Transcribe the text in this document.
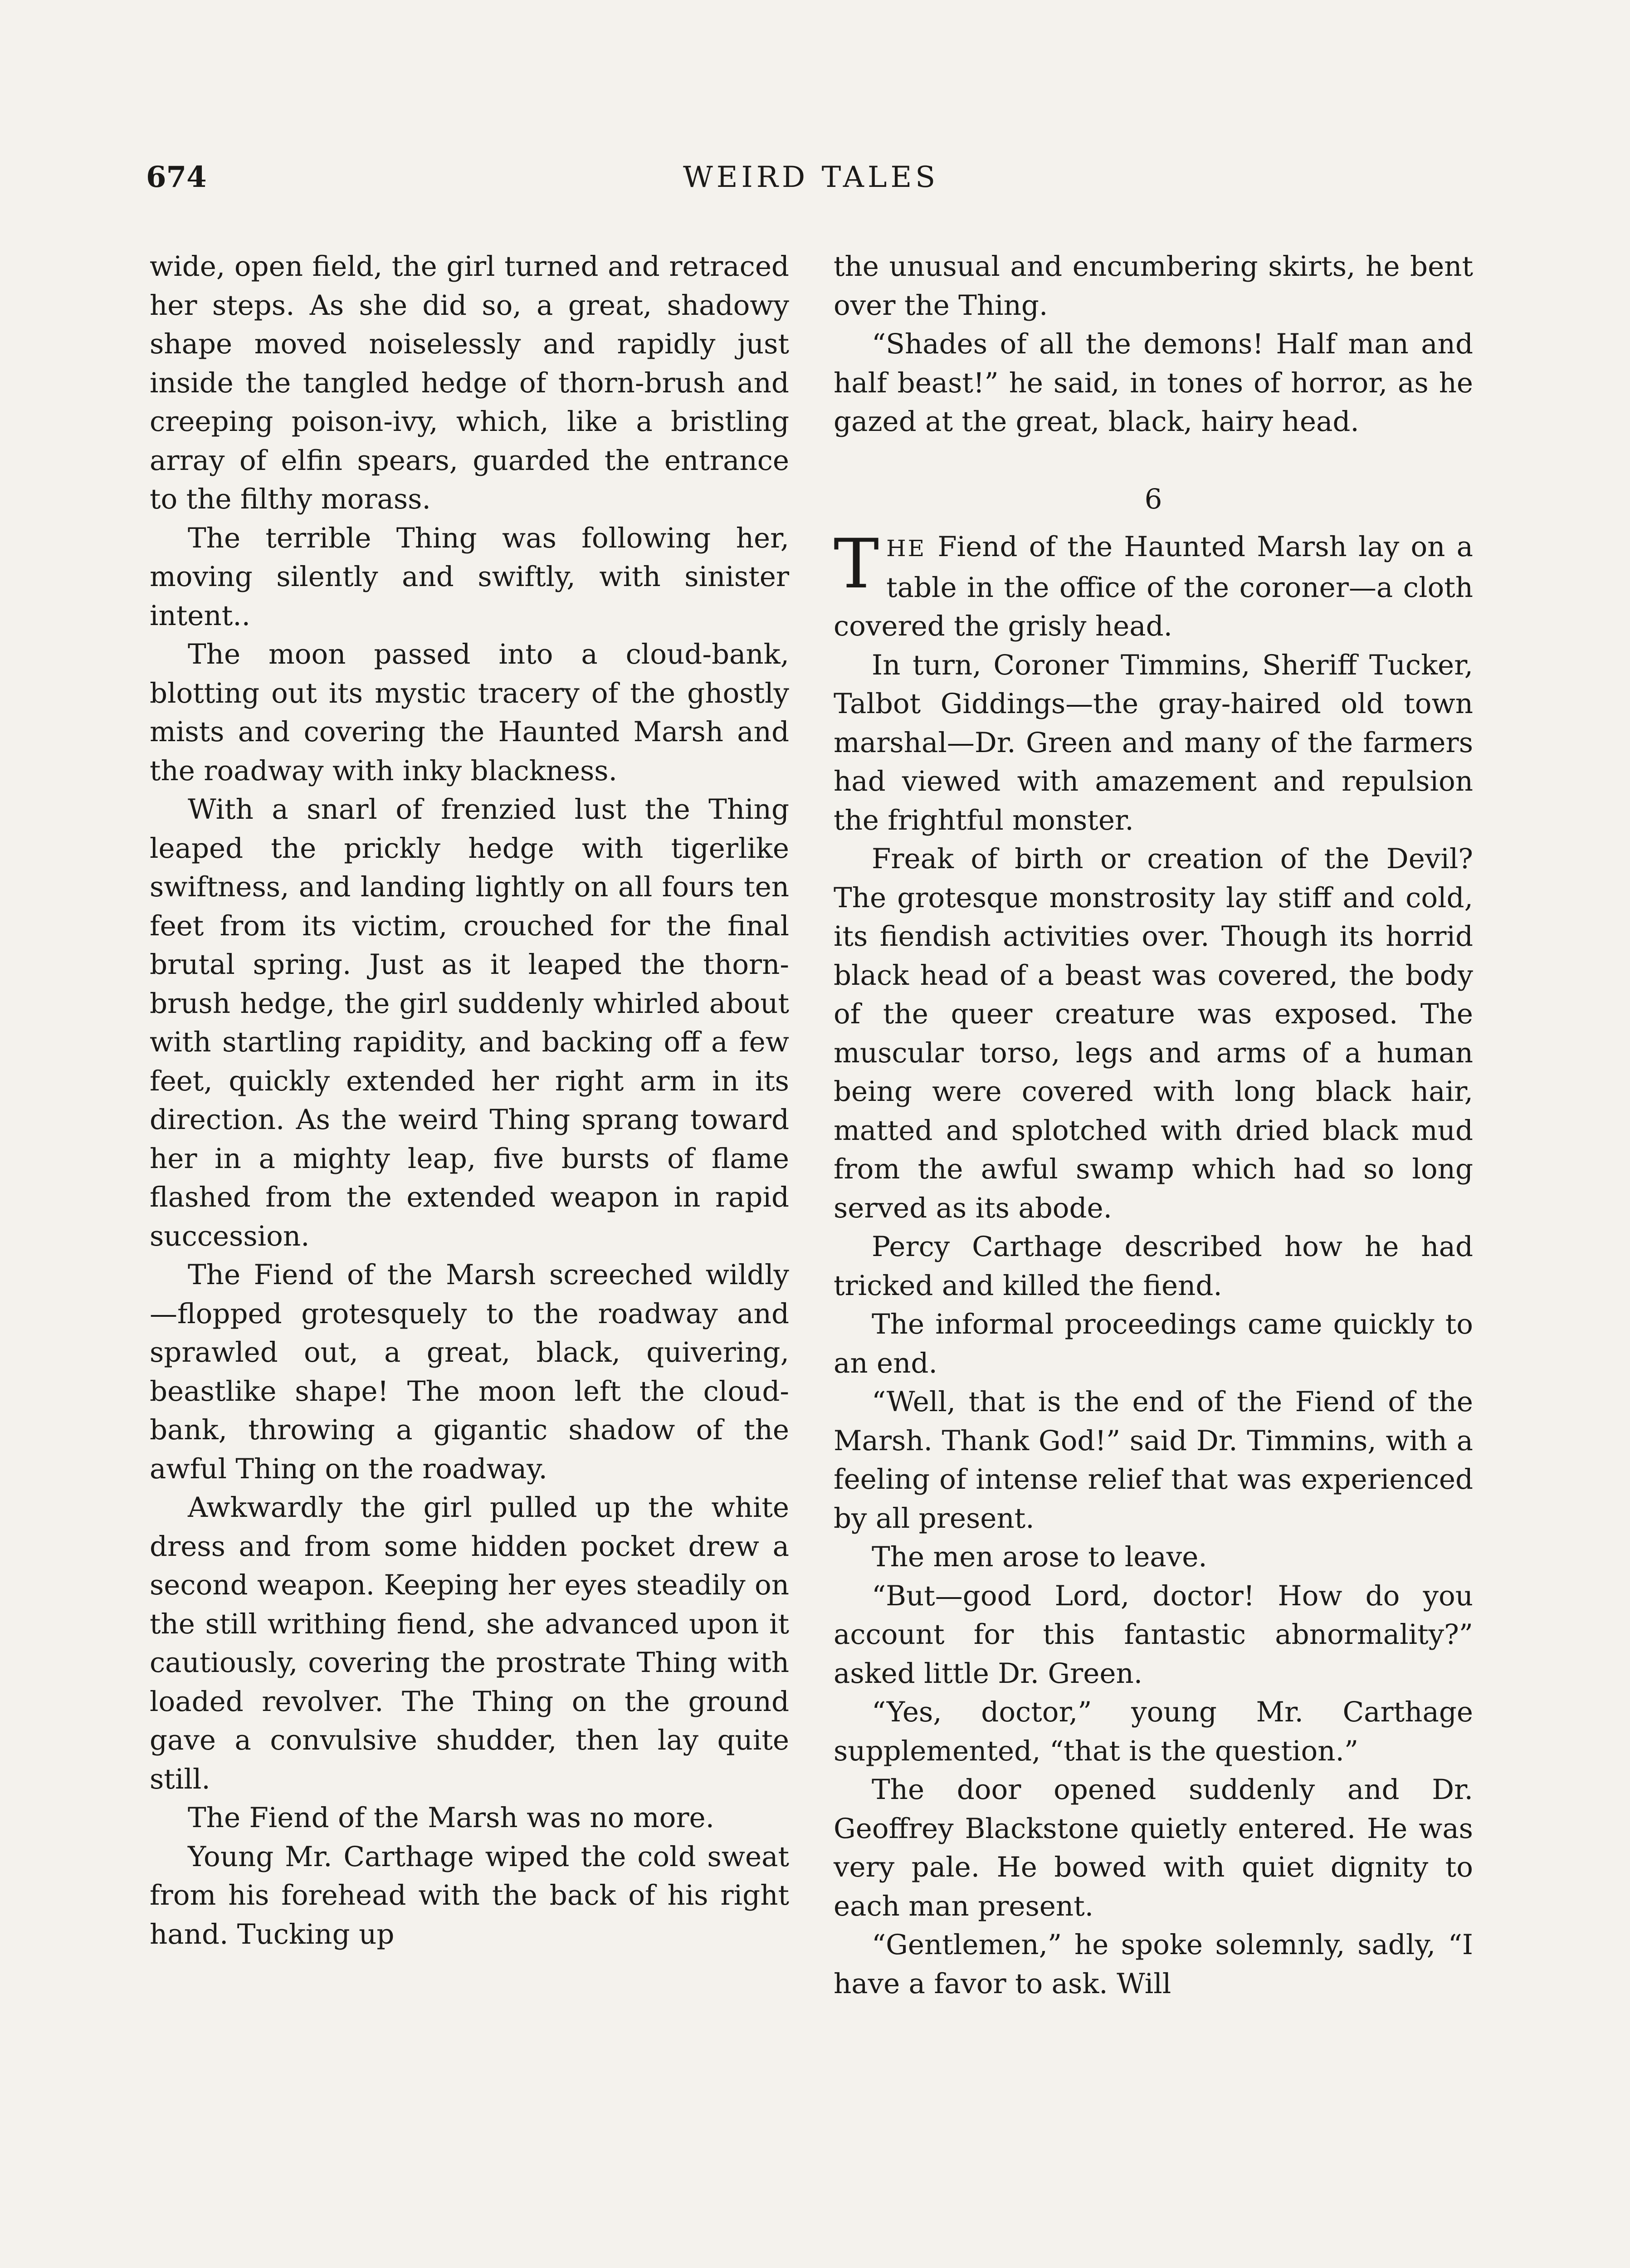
674	WEIRD TALES

wide, open field, the girl turned and retraced her steps. As she did so, a great, shadowy shape moved noiselessly and rapidly just inside the tangled hedge of thorn-brush and creeping poison-ivy, which, like a bristling array of elfin spears, guarded the entrance to the filthy morass.

The terrible Thing was following her, moving silently and swiftly, with sinister intent..

The moon passed into a cloud-bank, blotting out its mystic tracery of the ghostly mists and covering the Haunted Marsh and the roadway with inky blackness.

With a snarl of frenzied lust the Thing leaped the prickly hedge with tigerlike swiftness, and landing lightly on all fours ten feet from its victim, crouched for the final brutal spring. Just as it leaped the thorn-brush hedge, the girl suddenly whirled about with startling rapidity, and backing off a few feet, quickly extended her right arm in its direction. As the weird Thing sprang toward her in a mighty leap, five bursts of flame flashed from the extended weapon in rapid succession.

The Fiend of the Marsh screeched wildly—flopped grotesquely to the roadway and sprawled out, a great, black, quivering, beastlike shape! The moon left the cloud-bank, throwing a gigantic shadow of the awful Thing on the roadway.

Awkwardly the girl pulled up the white dress and from some hidden pocket drew a second weapon. Keeping her eyes steadily on the still writhing fiend, she advanced upon it cautiously, covering the prostrate Thing with loaded revolver. The Thing on the ground gave a convulsive shudder, then lay quite still.

The Fiend of the Marsh was no more.

Young Mr. Carthage wiped the cold sweat from his forehead with the back of his right hand. Tucking up

the unusual and encumbering skirts, he bent over the Thing.

“Shades of all the demons! Half man and half beast!” he said, in tones of horror, as he gazed at the great, black, hairy head.

6

THE Fiend of the Haunted Marsh lay on a table in the office of the coroner—a cloth covered the grisly head.

In turn, Coroner Timmins, Sheriff Tucker, Talbot Giddings—the gray-haired old town marshal—Dr. Green and many of the farmers had viewed with amazement and repulsion the frightful monster.

Freak of birth or creation of the Devil? The grotesque monstrosity lay stiff and cold, its fiendish activities over. Though its horrid black head of a beast was covered, the body of the queer creature was exposed. The muscular torso, legs and arms of a human being were covered with long black hair, matted and splotched with dried black mud from the awful swamp which had so long served as its abode.

Percy Carthage described how he had tricked and killed the fiend.

The informal proceedings came quickly to an end.

“Well, that is the end of the Fiend of the Marsh. Thank God!” said Dr. Timmins, with a feeling of intense relief that was experienced by all present.

The men arose to leave.

“But—good Lord, doctor! How do you account for this fantastic abnormality?” asked little Dr. Green.

“Yes, doctor,” young Mr. Carthage supplemented, “that is the question.”

The door opened suddenly and Dr. Geoffrey Blackstone quietly entered. He was very pale. He bowed with quiet dignity to each man present.

“Gentlemen,” he spoke solemnly, sadly, “I have a favor to ask. Will
